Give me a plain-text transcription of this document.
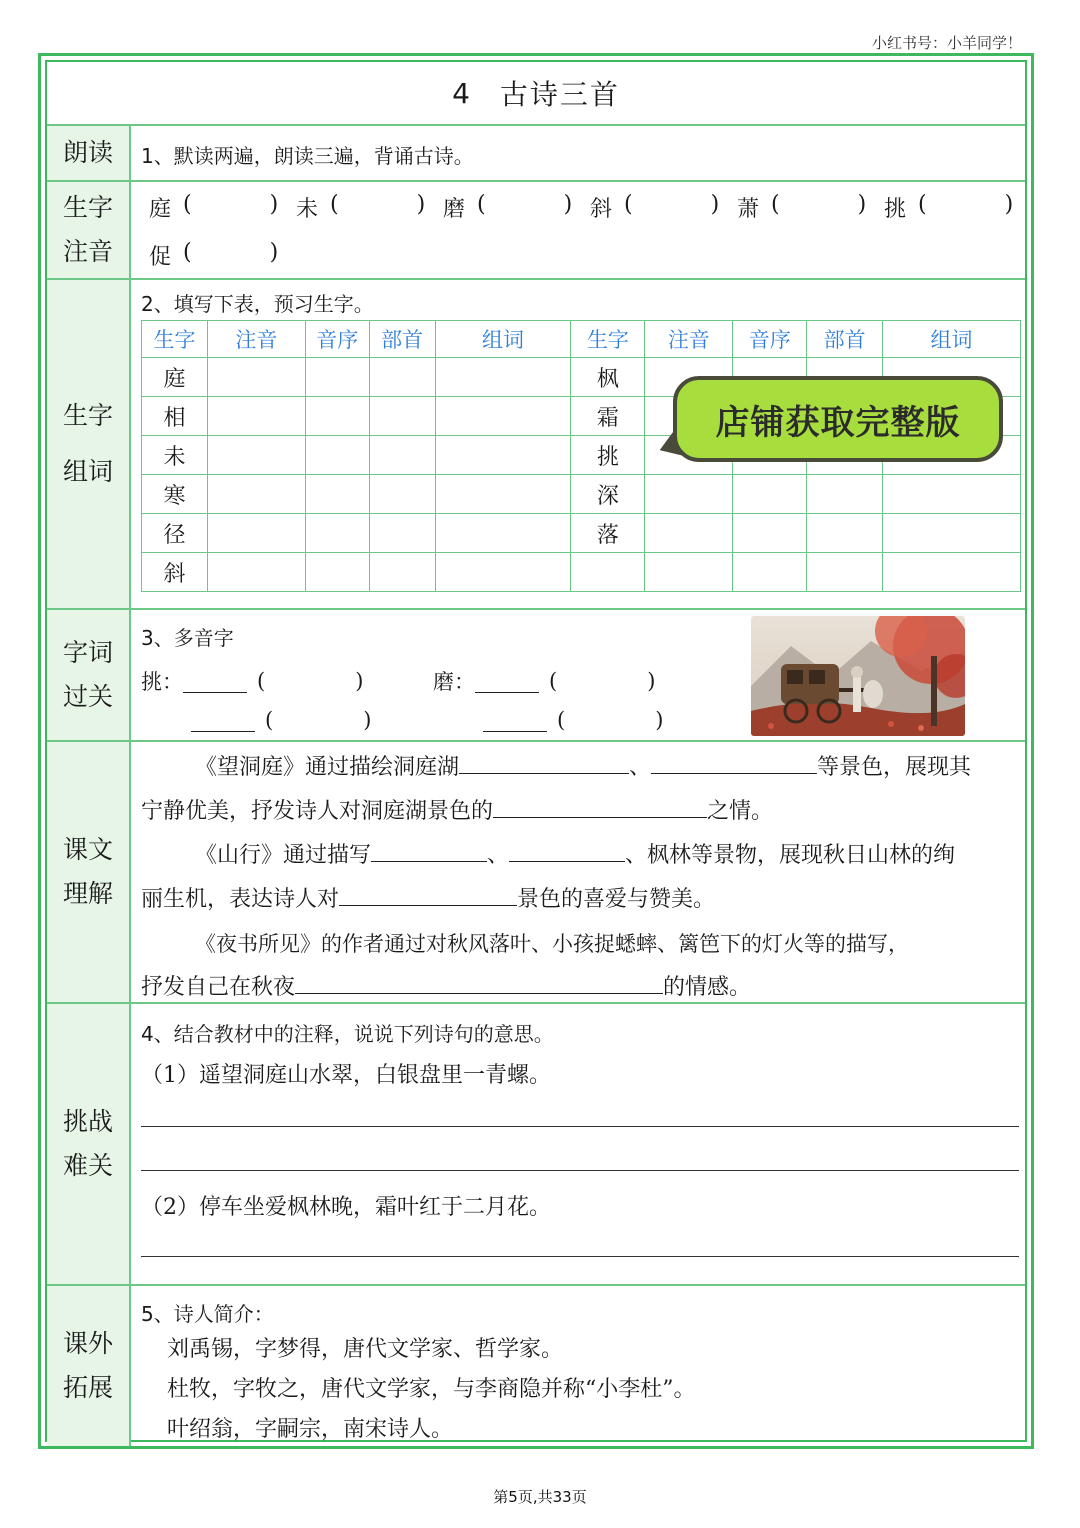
小红书号：小羊同学！
4 古诗三首
朗读 1、默读两遍，朗读三遍，背诵古诗。
生字
注音
庭 (	) 未 (	) 磨 (	) 斜 (	) 萧 (	) 挑 (	)
促 (	)
生字
组词
2、填写下表，预习生字。
生字	注音	音序	部首	组词	生字	注音	音序	部首	组词
庭					枫				
相					霜				
未					挑				
寒					深				
径					落				
斜									
店铺获取完整版
字词
过关
3、多音字
挑：	(	)	磨：	(	)
(	)	(	)
课文
理解
《望洞庭》通过描绘洞庭湖	、	等景色，展现其
宁静优美，抒发诗人对洞庭湖景色的	之情。
《山行》通过描写	、	、枫林等景物，展现秋日山林的绚
丽生机，表达诗人对	景色的喜爱与赞美。
《夜书所见》的作者通过对秋风落叶、小孩捉蟋蟀、篱笆下的灯火等的描写，
抒发自己在秋夜	的情感。
挑战
难关
4、结合教材中的注释，说说下列诗句的意思。
（1）遥望洞庭山水翠，白银盘里一青螺。
（2）停车坐爱枫林晚，霜叶红于二月花。
课外
拓展
5、诗人简介：
刘禹锡，字梦得，唐代文学家、哲学家。
杜牧，字牧之，唐代文学家，与李商隐并称“小李杜”。
叶绍翁，字嗣宗，南宋诗人。
第5页,共33页
